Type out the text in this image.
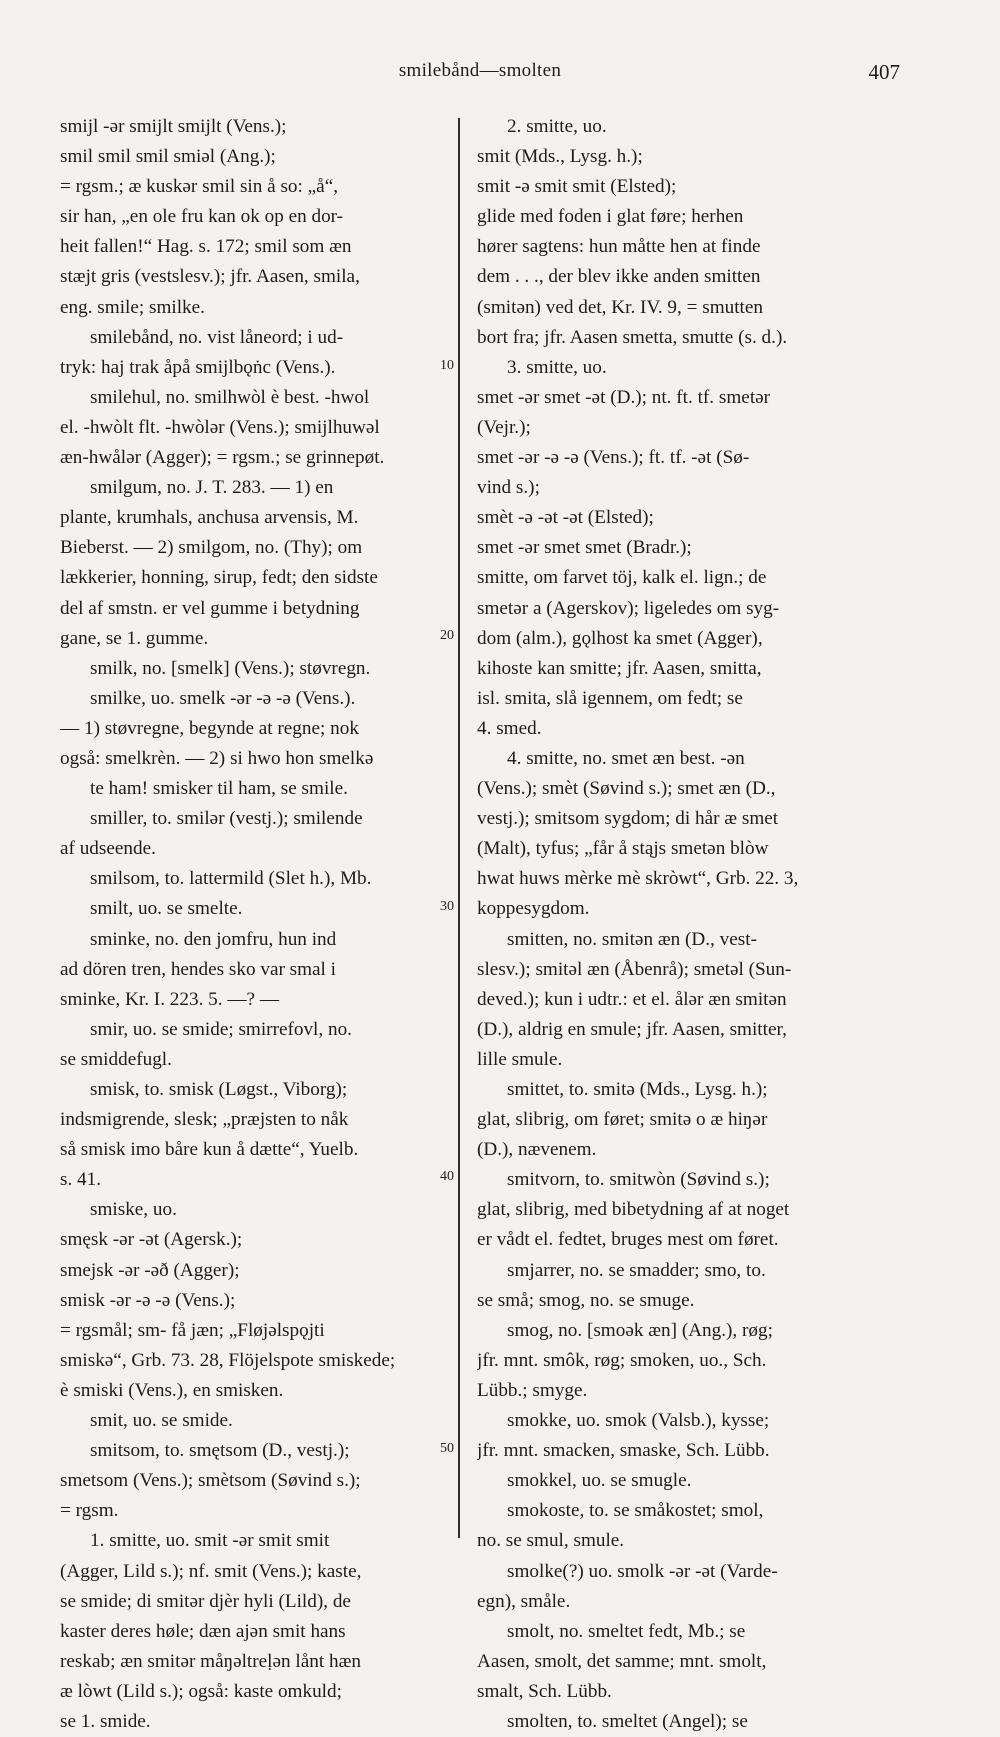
smilebånd—smolten	407
smijl -ər smijlt smijlt (Vens.);
smil smil smil smiəl (Ang.);
= rgsm.; æ kuskər smil sin å so: „å“,
sir han, „en ole fru kan ok op en dor-
heit fallen!“ Hag. s. 172; smil som æn
stæjt gris (vestslesv.); jfr. Aasen, smila,
eng. smile; smilke.
smilebånd, no. vist låneord; i ud-
tryk: haj trak åpå smijlbǫṅc (Vens.).
smilehul, no. smilhwòl è best. -hwol
el. -hwòlt flt. -hwòlər (Vens.); smijlhuwəl
æn-hwålər (Agger); = rgsm.; se grinnepøt.
smilgum, no. J. T. 283. — 1) en
plante, krumhals, anchusa arvensis, M.
Bieberst. — 2) smilgom, no. (Thy); om
lækkerier, honning, sirup, fedt; den sidste
del af smstn. er vel gumme i betydning
gane, se 1. gumme.
smilk, no. [smelk] (Vens.); støvregn.
smilke, uo. smelk -ər -ə -ə (Vens.).
— 1) støvregne, begynde at regne; nok
også: smelkrèn. — 2) si hwo hon smelkə
te ham! smisker til ham, se smile.
smiller, to. smilər (vestj.); smilende
af udseende.
smilsom, to. lattermild (Slet h.), Mb.
smilt, uo. se smelte.
sminke, no. den jomfru, hun ind
ad dören tren, hendes sko var smal i
sminke, Kr. I. 223. 5. —? —
smir, uo. se smide; smirrefovl, no.
se smiddefugl.
smisk, to. smisk (Løgst., Viborg);
indsmigrende, slesk; „præjsten to nåk
så smisk imo båre kun å dætte“, Yuelb.
s. 41.
smiske, uo.
smęsk -ər -ət (Agersk.);
smejsk -ər -əð (Agger);
smisk -ər -ə -ə (Vens.);
= rgsmål; sm- få jæn; „Fløjəlspǫjti
smiskə“, Grb. 73. 28, Flöjelspote smiskede;
è smiski (Vens.), en smisken.
smit, uo. se smide.
smitsom, to. smętsom (D., vestj.);
smetsom (Vens.); smètsom (Søvind s.);
= rgsm.
1. smitte, uo. smit -ər smit smit
(Agger, Lild s.); nf. smit (Vens.); kaste,
se smide; di smitər djèr hyli (Lild), de
kaster deres høle; dæn ajən smit hans
reskab; æn smitər måŋəltreḷən lånt hæn
æ lòwt (Lild s.); også: kaste omkuld;
se 1. smide.
2. smitte, uo.
smit (Mds., Lysg. h.);
smit -ə smit smit (Elsted);
glide med foden i glat føre; herhen
hører sagtens: hun måtte hen at finde
dem . . ., der blev ikke anden smitten
(smitən) ved det, Kr. IV. 9, = smutten
bort fra; jfr. Aasen smetta, smutte (s. d.).
3. smitte, uo.
smet -ər smet -ət (D.); nt. ft. tf. smetər
(Vejr.);
smet -ər -ə -ə (Vens.); ft. tf. -ət (Sø-
vind s.);
smèt -ə -ət -ət (Elsted);
smet -ər smet smet (Bradr.);
smitte, om farvet töj, kalk el. lign.; de
smetər a (Agerskov); ligeledes om syg-
dom (alm.), gǫlhost ka smet (Agger),
kihoste kan smitte; jfr. Aasen, smitta,
isl. smita, slå igennem, om fedt; se
4. smed.
4. smitte, no. smet æn best. -ən
(Vens.); smèt (Søvind s.); smet æn (D.,
vestj.); smitsom sygdom; di hår æ smet
(Malt), tyfus; „får å stąjs smetən blòw
hwat huws mèrke mè skròwt“, Grb. 22. 3,
koppesygdom.
smitten, no. smitən æn (D., vest-
slesv.); smitəl æn (Åbenrå); smetəl (Sun-
deved.); kun i udtr.: et el. ålər æn smitən
(D.), aldrig en smule; jfr. Aasen, smitter,
lille smule.
smittet, to. smitə (Mds., Lysg. h.);
glat, slibrig, om føret; smitə o æ hiŋər
(D.), nævenem.
smitvorn, to. smitwòn (Søvind s.);
glat, slibrig, med bibetydning af at noget
er vådt el. fedtet, bruges mest om føret.
smjarrer, no. se smadder; smo, to.
se små; smog, no. se smuge.
smog, no. [smoək æn] (Ang.), røg;
jfr. mnt. smôk, røg; smoken, uo., Sch.
Lübb.; smyge.
smokke, uo. smok (Valsb.), kysse;
jfr. mnt. smacken, smaske, Sch. Lübb.
smokkel, uo. se smugle.
smokoste, to. se småkostet; smol,
no. se smul, smule.
smolke(?) uo. smolk -ər -ət (Varde-
egn), småle.
smolt, no. smeltet fedt, Mb.; se
Aasen, smolt, det samme; mnt. smolt,
smalt, Sch. Lübb.
smolten, to. smeltet (Angel); se
10
20
30
40
50
